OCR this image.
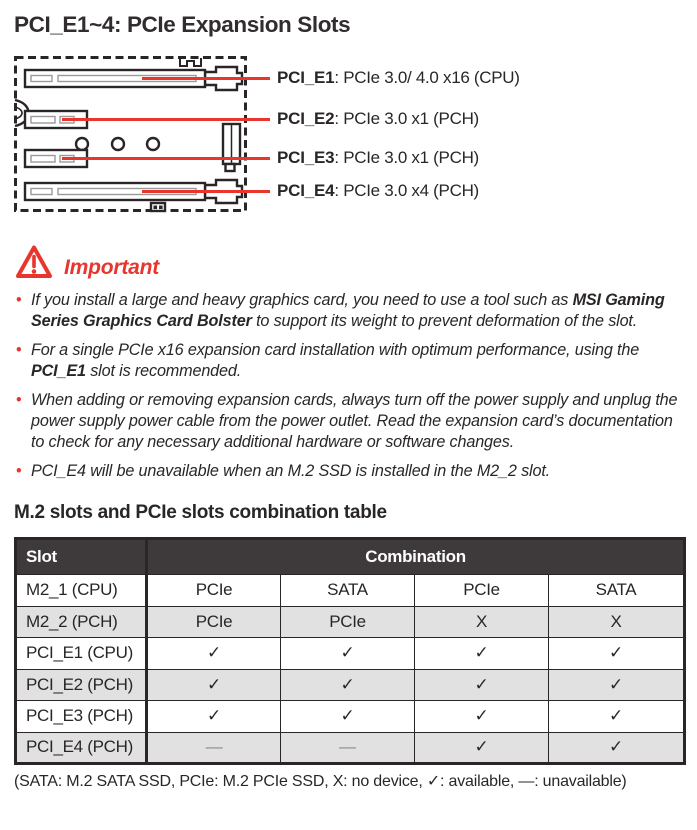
PCI_E1~4: PCIe Expansion Slots
PCI_E1: PCIe 3.0/ 4.0 x16 (CPU)
PCI_E2: PCIe 3.0 x1 (PCH)
PCI_E3: PCIe 3.0 x1 (PCH)
PCI_E4: PCIe 3.0 x4 (PCH)
Important
• If you install a large and heavy graphics card, you need to use a tool such as MSI Gaming Series Graphics Card Bolster to support its weight to prevent deformation of the slot.
• For a single PCIe x16 expansion card installation with optimum performance, using the PCI_E1 slot is recommended.
• When adding or removing expansion cards, always turn off the power supply and unplug the power supply power cable from the power outlet. Read the expansion card’s documentation to check for any necessary additional hardware or software changes.
• PCI_E4 will be unavailable when an M.2 SSD is installed in the M2_2 slot.
M.2 slots and PCIe slots combination table
Slot	Combination			
M2_1 (CPU)	PCIe	SATA	PCIe	SATA
M2_2 (PCH)	PCIe	PCIe	X	X
PCI_E1 (CPU)	✓	✓	✓	✓
PCI_E2 (PCH)	✓	✓	✓	✓
PCI_E3 (PCH)	✓	✓	✓	✓
PCI_E4 (PCH)	—	—	✓	✓
(SATA: M.2 SATA SSD, PCIe: M.2 PCIe SSD, X: no device, ✓: available, —: unavailable)
